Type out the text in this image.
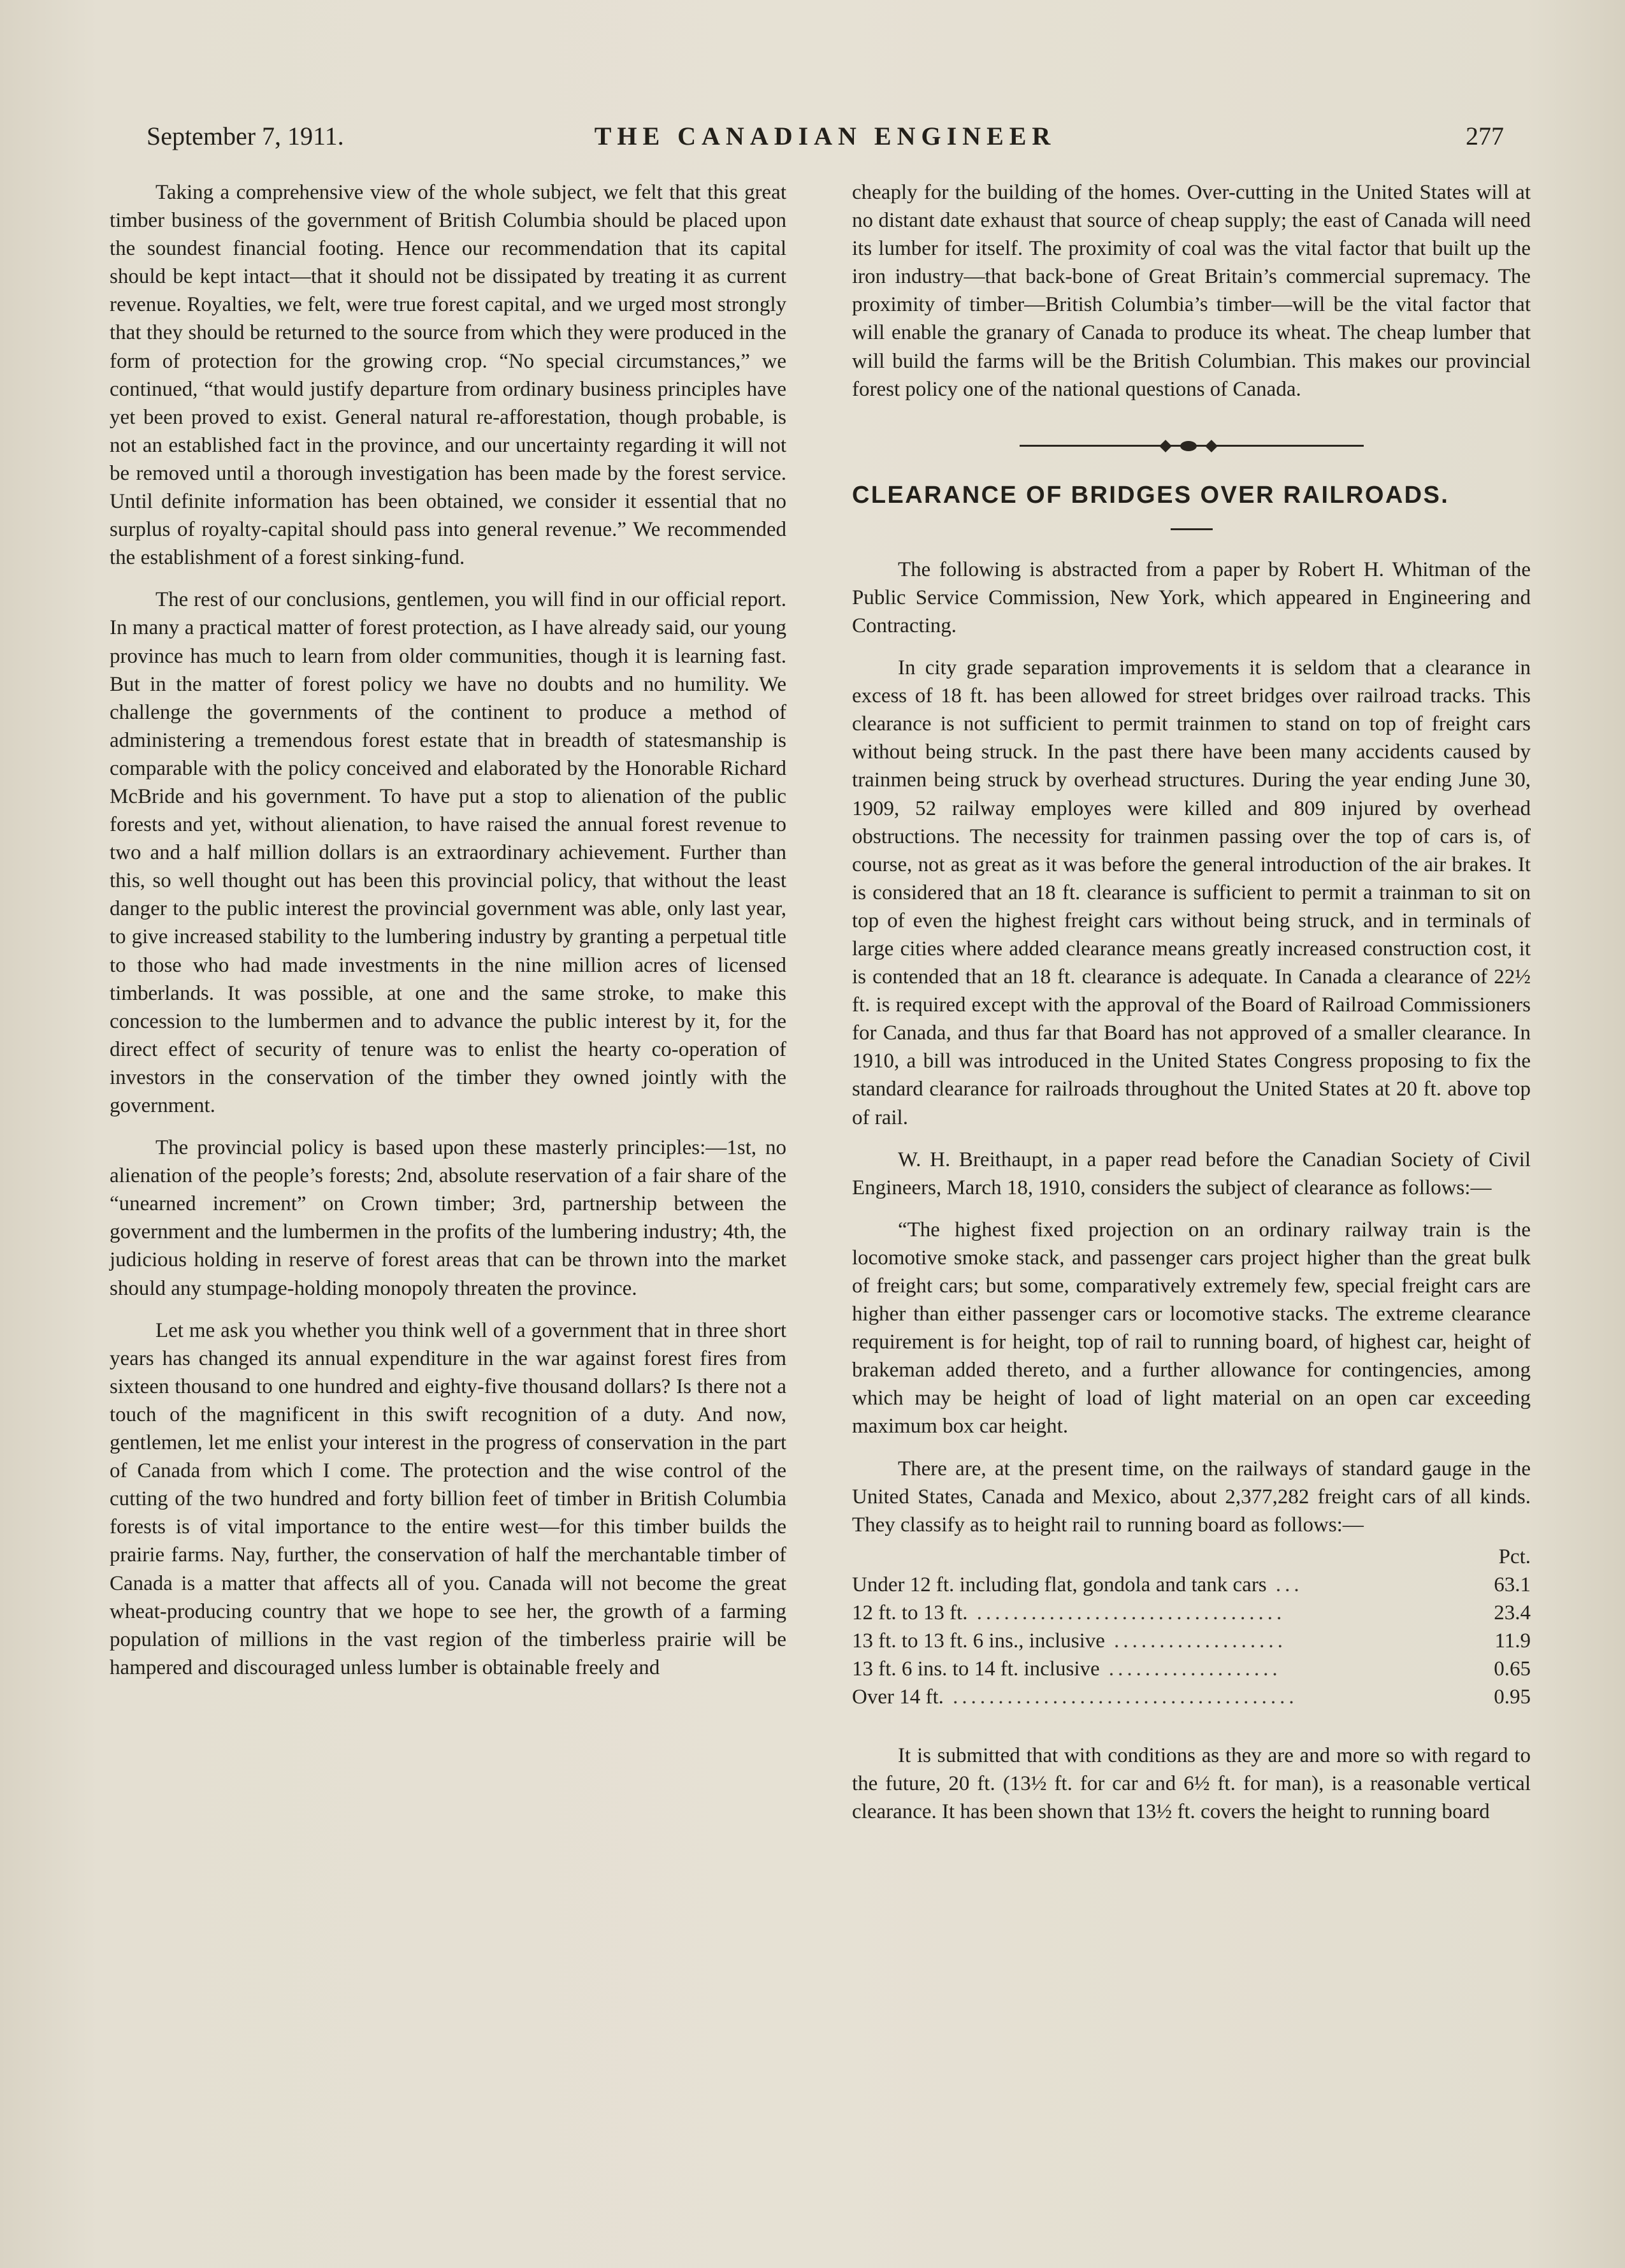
September 7, 1911.	THE CANADIAN ENGINEER	277

Taking a comprehensive view of the whole subject, we felt that this great timber business of the government of British Columbia should be placed upon the soundest financial footing. Hence our recommendation that its capital should be kept intact—that it should not be dissipated by treating it as current revenue. Royalties, we felt, were true forest capital, and we urged most strongly that they should be returned to the source from which they were produced in the form of protection for the growing crop. “No special circumstances,” we continued, “that would justify departure from ordinary business principles have yet been proved to exist. General natural re-afforestation, though probable, is not an established fact in the province, and our uncertainty regarding it will not be removed until a thorough investigation has been made by the forest service. Until definite information has been obtained, we consider it essential that no surplus of royalty-capital should pass into general revenue.” We recommended the establishment of a forest sinking-fund.

The rest of our conclusions, gentlemen, you will find in our official report. In many a practical matter of forest protection, as I have already said, our young province has much to learn from older communities, though it is learning fast. But in the matter of forest policy we have no doubts and no humility. We challenge the governments of the continent to produce a method of administering a tremendous forest estate that in breadth of statesmanship is comparable with the policy conceived and elaborated by the Honorable Richard McBride and his government. To have put a stop to alienation of the public forests and yet, without alienation, to have raised the annual forest revenue to two and a half million dollars is an extraordinary achievement. Further than this, so well thought out has been this provincial policy, that without the least danger to the public interest the provincial government was able, only last year, to give increased stability to the lumbering industry by granting a perpetual title to those who had made investments in the nine million acres of licensed timberlands. It was possible, at one and the same stroke, to make this concession to the lumbermen and to advance the public interest by it, for the direct effect of security of tenure was to enlist the hearty co-operation of investors in the conservation of the timber they owned jointly with the government.

The provincial policy is based upon these masterly principles:—1st, no alienation of the people’s forests; 2nd, absolute reservation of a fair share of the “unearned increment” on Crown timber; 3rd, partnership between the government and the lumbermen in the profits of the lumbering industry; 4th, the judicious holding in reserve of forest areas that can be thrown into the market should any stumpage-holding monopoly threaten the province.

Let me ask you whether you think well of a government that in three short years has changed its annual expenditure in the war against forest fires from sixteen thousand to one hundred and eighty-five thousand dollars? Is there not a touch of the magnificent in this swift recognition of a duty. And now, gentlemen, let me enlist your interest in the progress of conservation in the part of Canada from which I come. The protection and the wise control of the cutting of the two hundred and forty billion feet of timber in British Columbia forests is of vital importance to the entire west—for this timber builds the prairie farms. Nay, further, the conservation of half the merchantable timber of Canada is a matter that affects all of you. Canada will not become the great wheat-producing country that we hope to see her, the growth of a farming population of millions in the vast region of the timberless prairie will be hampered and discouraged unless lumber is obtainable freely and

cheaply for the building of the homes. Over-cutting in the United States will at no distant date exhaust that source of cheap supply; the east of Canada will need its lumber for itself. The proximity of coal was the vital factor that built up the iron industry—that back-bone of Great Britain’s commercial supremacy. The proximity of timber—British Columbia’s timber—will be the vital factor that will enable the granary of Canada to produce its wheat. The cheap lumber that will build the farms will be the British Columbian. This makes our provincial forest policy one of the national questions of Canada.

CLEARANCE OF BRIDGES OVER RAILROADS.

The following is abstracted from a paper by Robert H. Whitman of the Public Service Commission, New York, which appeared in Engineering and Contracting.

In city grade separation improvements it is seldom that a clearance in excess of 18 ft. has been allowed for street bridges over railroad tracks. This clearance is not sufficient to permit trainmen to stand on top of freight cars without being struck. In the past there have been many accidents caused by trainmen being struck by overhead structures. During the year ending June 30, 1909, 52 railway employes were killed and 809 injured by overhead obstructions. The necessity for trainmen passing over the top of cars is, of course, not as great as it was before the general introduction of the air brakes. It is considered that an 18 ft. clearance is sufficient to permit a trainman to sit on top of even the highest freight cars without being struck, and in terminals of large cities where added clearance means greatly increased construction cost, it is contended that an 18 ft. clearance is adequate. In Canada a clearance of 22½ ft. is required except with the approval of the Board of Railroad Commissioners for Canada, and thus far that Board has not approved of a smaller clearance. In 1910, a bill was introduced in the United States Congress proposing to fix the standard clearance for railroads throughout the United States at 20 ft. above top of rail.

W. H. Breithaupt, in a paper read before the Canadian Society of Civil Engineers, March 18, 1910, considers the subject of clearance as follows:—

“The highest fixed projection on an ordinary railway train is the locomotive smoke stack, and passenger cars project higher than the great bulk of freight cars; but some, comparatively extremely few, special freight cars are higher than either passenger cars or locomotive stacks. The extreme clearance requirement is for height, top of rail to running board, of highest car, height of brakeman added thereto, and a further allowance for contingencies, among which may be height of load of light material on an open car exceeding maximum box car height.

There are, at the present time, on the railways of standard gauge in the United States, Canada and Mexico, about 2,377,282 freight cars of all kinds. They classify as to height rail to running board as follows:—

	Pct.
Under 12 ft. including flat, gondola and tank cars ...	63.1
12 ft. to 13 ft. ..................................	23.4
13 ft. to 13 ft. 6 ins., inclusive ...................	11.9
13 ft. 6 ins. to 14 ft. inclusive ...................	0.65
Over 14 ft. ......................................	0.95

It is submitted that with conditions as they are and more so with regard to the future, 20 ft. (13½ ft. for car and 6½ ft. for man), is a reasonable vertical clearance. It has been shown that 13½ ft. covers the height to running board
